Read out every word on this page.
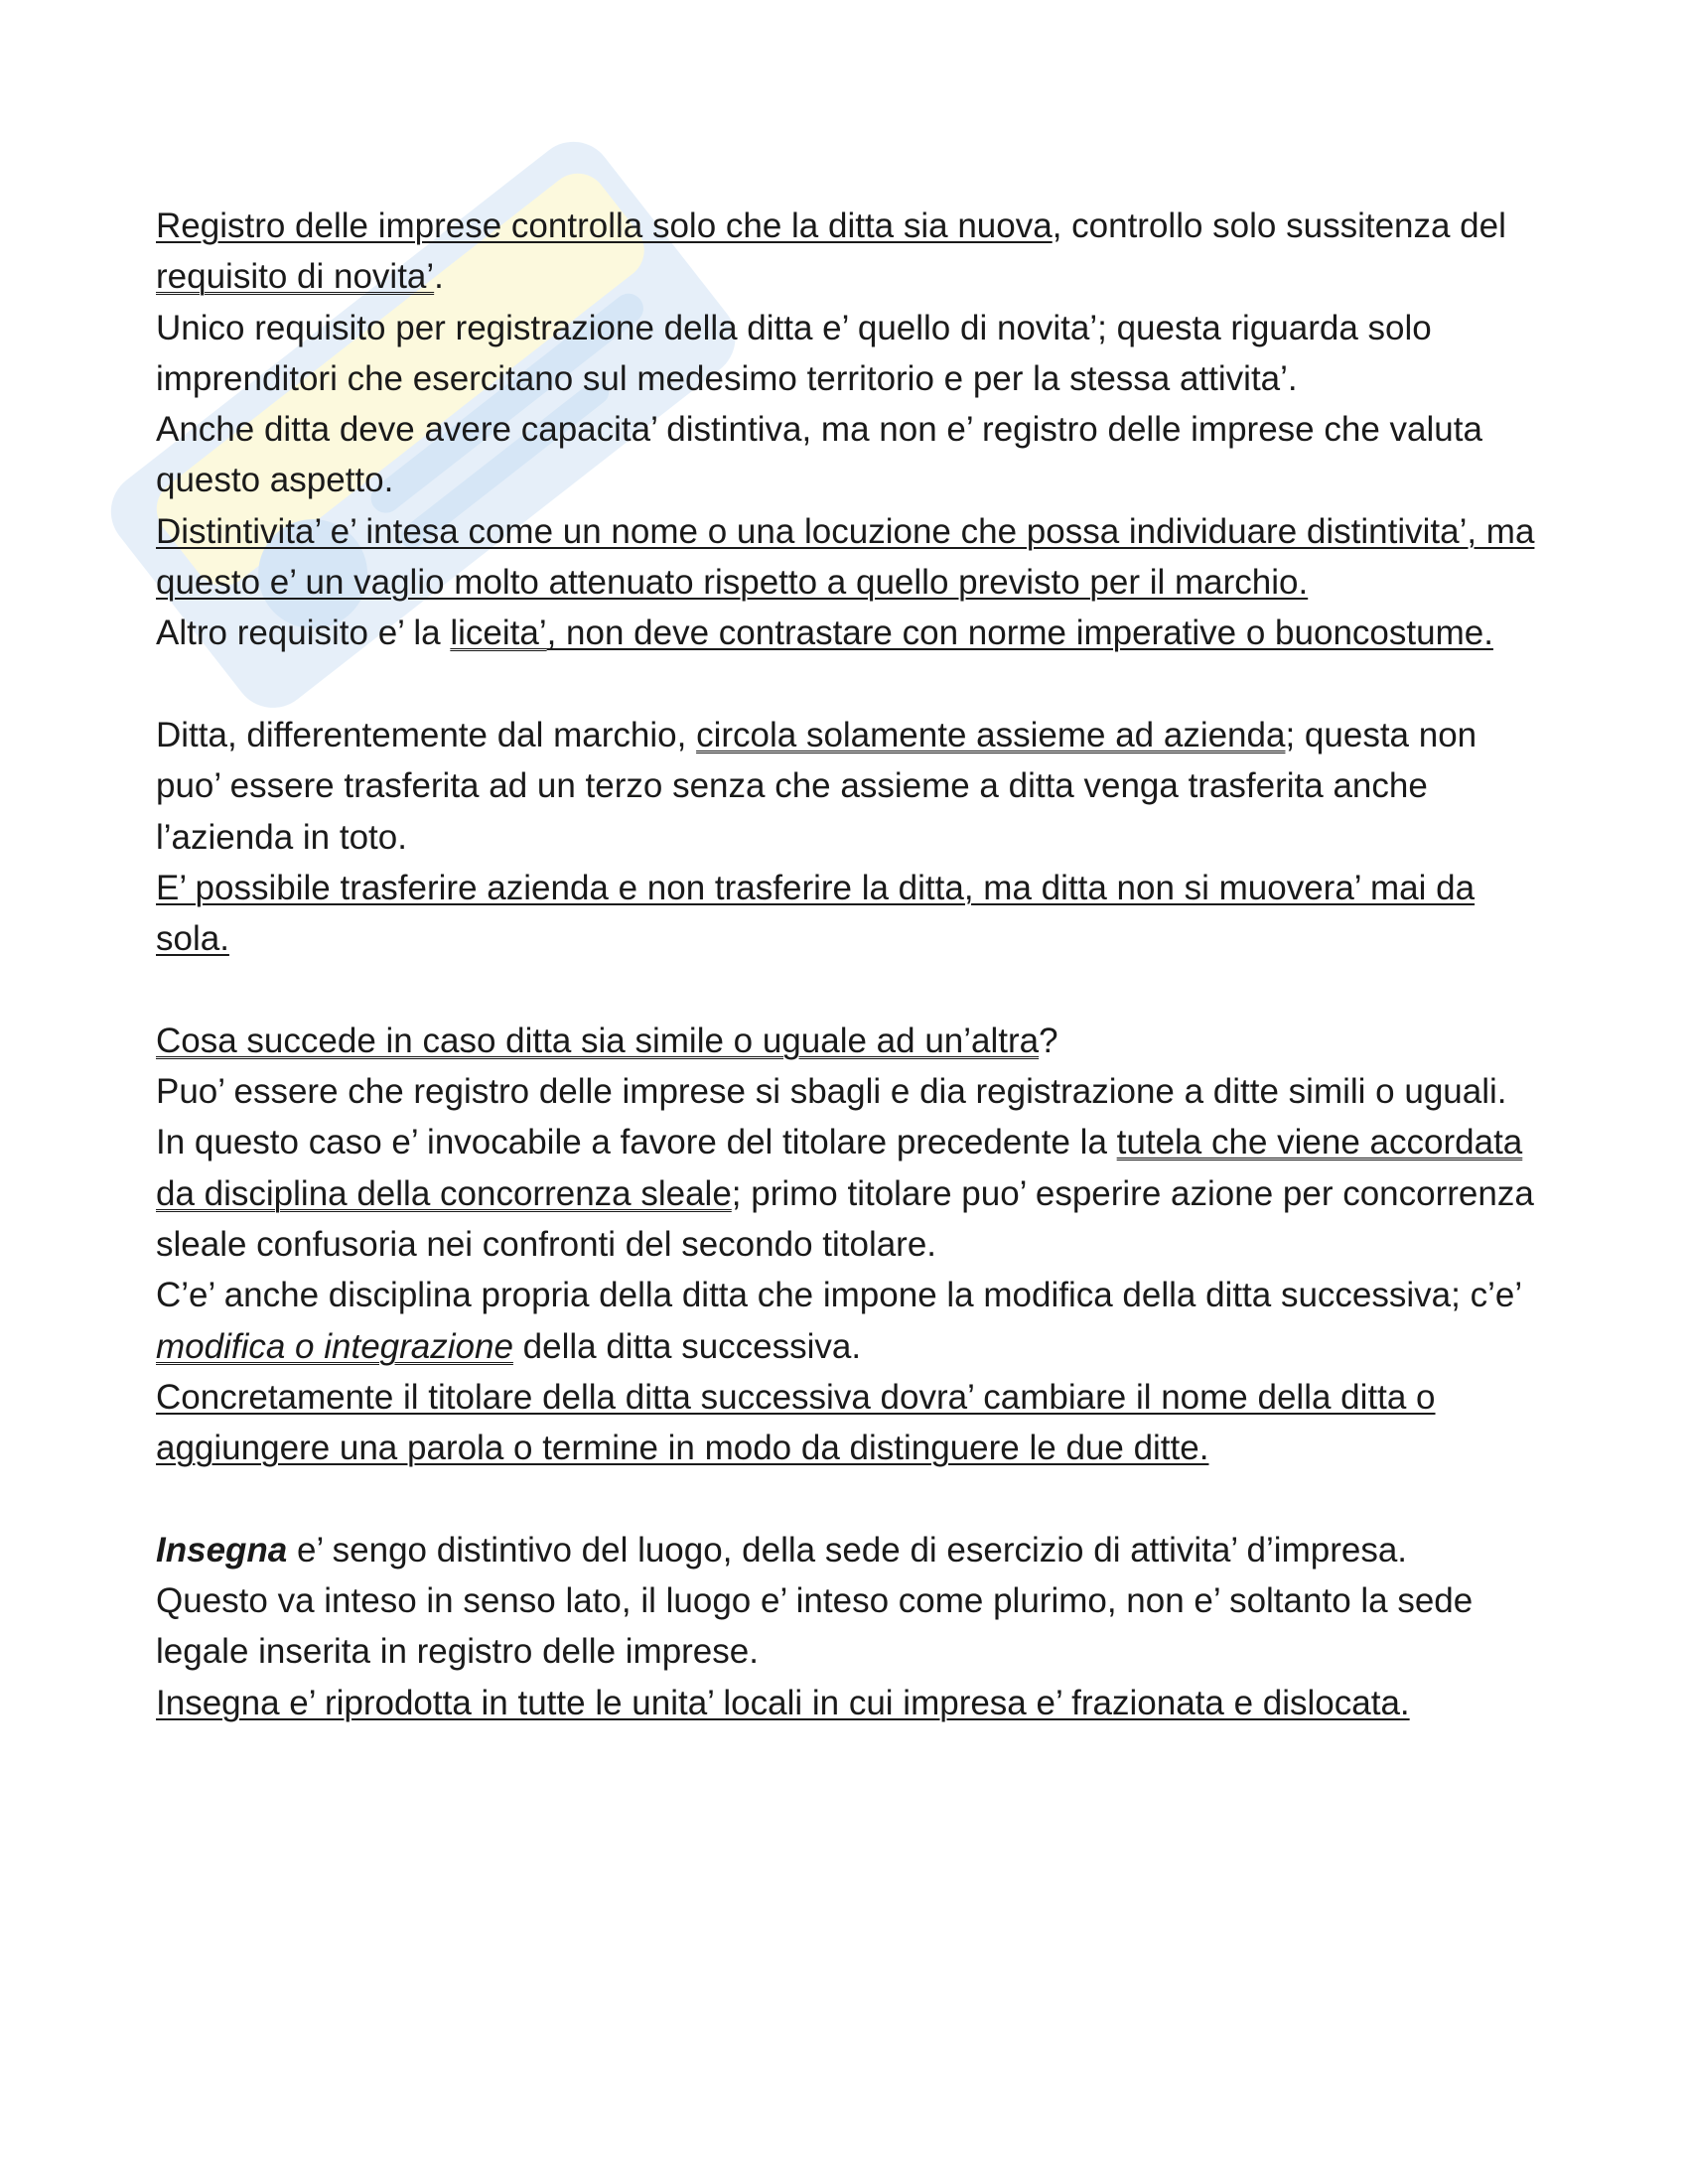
Registro delle imprese controlla solo che la ditta sia nuova, controllo solo sussitenza del requisito di novita’.

Unico requisito per registrazione della ditta e’ quello di novita’; questa riguarda solo imprenditori che esercitano sul medesimo territorio e per la stessa attivita’.

Anche ditta deve avere capacita’ distintiva, ma non e’ registro delle imprese che valuta questo aspetto.

Distintivita’ e’ intesa come un nome o una locuzione che possa individuare distintivita’, ma questo e’ un vaglio molto attenuato rispetto a quello previsto per il marchio.

Altro requisito e’ la liceita’, non deve contrastare con norme imperative o buoncostume.

Ditta, differentemente dal marchio, circola solamente assieme ad azienda; questa non puo’ essere trasferita ad un terzo senza che assieme a ditta venga trasferita anche l’azienda in toto.

E’ possibile trasferire azienda e non trasferire la ditta, ma ditta non si muovera’ mai da sola.

Cosa succede in caso ditta sia simile o uguale ad un’altra?

Puo’ essere che registro delle imprese si sbagli e dia registrazione a ditte simili o uguali.

In questo caso e’ invocabile a favore del titolare precedente la tutela che viene accordata da disciplina della concorrenza sleale; primo titolare puo’ esperire azione per concorrenza sleale confusoria nei confronti del secondo titolare.

C’e’ anche disciplina propria della ditta che impone la modifica della ditta successiva; c’e’ modifica o integrazione della ditta successiva.

Concretamente il titolare della ditta successiva dovra’ cambiare il nome della ditta o aggiungere una parola o termine in modo da distinguere le due ditte.

Insegna e’ sengo distintivo del luogo, della sede di esercizio di attivita’ d’impresa.

Questo va inteso in senso lato, il luogo e’ inteso come plurimo, non e’ soltanto la sede legale inserita in registro delle imprese.

Insegna e’ riprodotta in tutte le unita’ locali in cui impresa e’ frazionata e dislocata.
